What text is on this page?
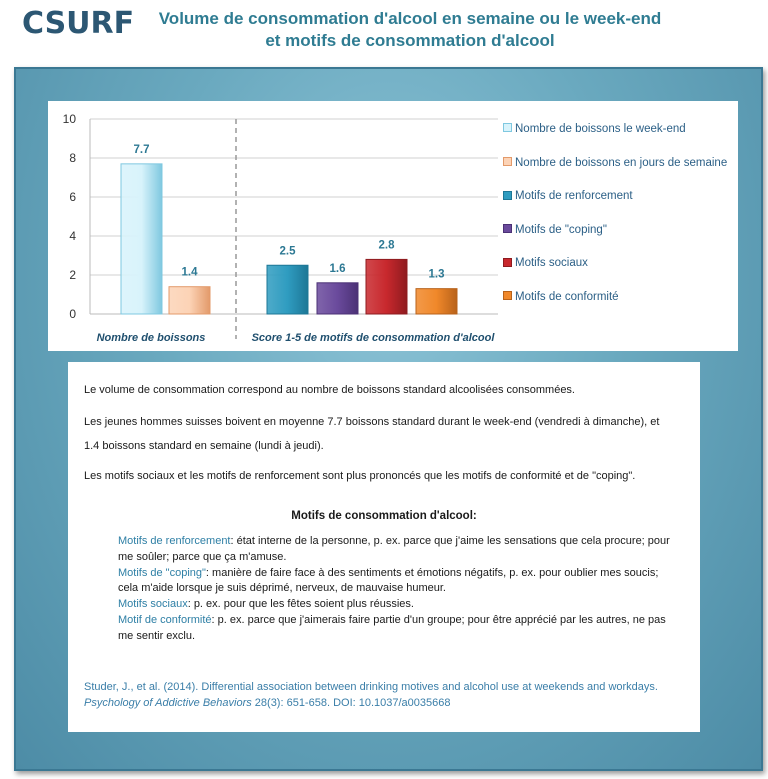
CSURF	Volume de consommation d'alcool en semaine ou le week-end
et motifs de consommation d'alcool
0
2
4
6
8
10
7.7
1.4
2.5
1.6
2.8
1.3
Nombre de boissons	Score 1-5 de motifs de consommation d'alcool
Nombre de boissons le week-end
Nombre de boissons en jours de semaine
Motifs de renforcement
Motifs de "coping"
Motifs sociaux
Motifs de conformité
Le volume de consommation correspond au nombre de boissons standard alcoolisées consommées.
Les jeunes hommes suisses boivent en moyenne 7.7 boissons standard durant le week-end (vendredi à dimanche), et
1.4 boissons standard en semaine (lundi à jeudi).
Les motifs sociaux et les motifs de renforcement sont plus prononcés que les motifs de conformité et de "coping".
Motifs de consommation d'alcool:
Motifs de renforcement: état interne de la personne, p. ex. parce que j'aime les sensations que cela procure; pour me soûler; parce que ça m'amuse.
Motifs de "coping": manière de faire face à des sentiments et émotions négatifs, p. ex. pour oublier mes soucis; cela m'aide lorsque je suis déprimé, nerveux, de mauvaise humeur.
Motifs sociaux: p. ex. pour que les fêtes soient plus réussies.
Motif de conformité: p. ex. parce que j'aimerais faire partie d'un groupe; pour être apprécié par les autres, ne pas me sentir exclu.
Studer, J., et al. (2014). Differential association between drinking motives and alcohol use at weekends and workdays. Psychology of Addictive Behaviors 28(3): 651-658. DOI: 10.1037/a0035668
